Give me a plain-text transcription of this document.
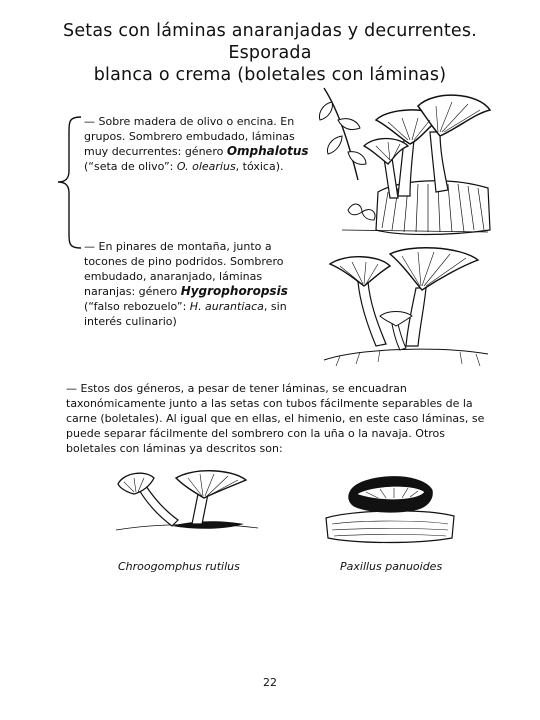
Setas con láminas anaranjadas y decurrentes. Esporada
blanca o crema (boletales con láminas)
— Sobre madera de olivo o encina. En grupos. Sombrero embudado, láminas muy decurrentes: género Omphalotus (“seta de olivo”: O. olearius, tóxica).
— En pinares de montaña, junto a tocones de pino podridos. Sombrero embudado, anaranjado, láminas naranjas: género Hygrophoropsis (“falso rebozuelo”: H. aurantiaca, sin interés culinario)
— Estos dos géneros, a pesar de tener láminas, se encuadran taxonómicamente junto a las setas con tubos fácilmente separables de la carne (boletales). Al igual que en ellas, el himenio, en este caso láminas, se puede separar fácilmente del sombrero con la uña o la navaja. Otros boletales con láminas ya descritos son:
Chroogomphus rutilus	Paxillus panuoides
22
